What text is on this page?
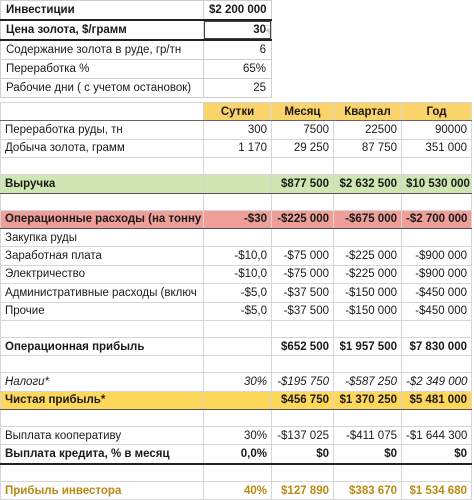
Инвестиции	$2 200 000
Цена золота, $/грамм	30
Содержание золота в руде, гр/тн	6
Переработка %	65%
Рабочие дни ( с учетом остановок)	25
☟
	Сутки	Месяц	Квартал	Год
Переработка руды, тн	300	7500	22500	90000
Добыча золота, грамм	1 170	29 250	87 750	351 000

Выручка		$877 500	$2 632 500	$10 530 000

Операционные расходы (на тонну	-$30	-$225 000	-$675 000	-$2 700 000
Закупка руды				
Заработная плата	-$10,0	-$75 000	-$225 000	-$900 000
Электричество	-$10,0	-$75 000	-$225 000	-$900 000
Административные расходы (включ	-$5,0	-$37 500	-$150 000	-$450 000
Прочие	-$5,0	-$37 500	-$150 000	-$450 000

Операционная прибыль		$652 500	$1 957 500	$7 830 000

Налоги*	30%	-$195 750	-$587 250	-$2 349 000
Чистая прибыль*		$456 750	$1 370 250	$5 481 000

Выплата кооперативу	30%	-$137 025	-$411 075	-$1 644 300
Выплата кредита, % в месяц	0,0%	$0	$0	$0

Прибыль инвестора	40%	$127 890	$383 670	$1 534 680
